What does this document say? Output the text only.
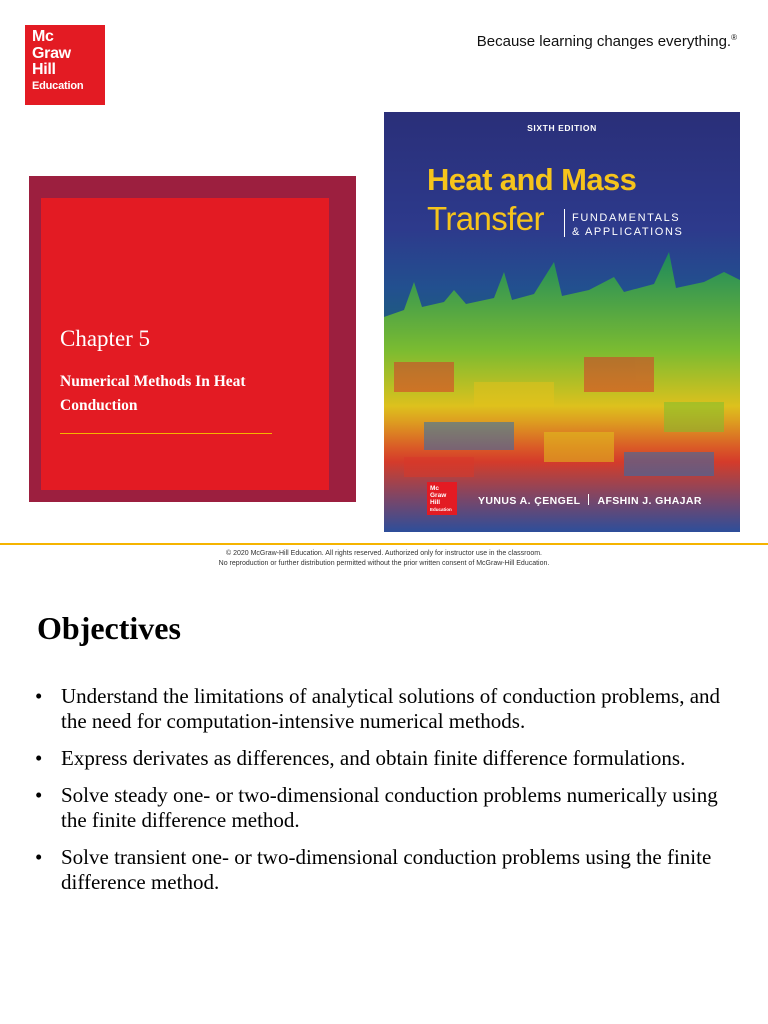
Mc
Graw
Hill
Education
Because learning changes everything.®
Chapter 5
Numerical Methods In Heat Conduction
SIXTH EDITION
Heat and Mass
Transfer	FUNDAMENTALS
& APPLICATIONS
Mc
Graw
Hill
Education
YUNUS A. ÇENGEL AFSHIN J. GHAJAR
© 2020 McGraw-Hill Education. All rights reserved. Authorized only for instructor use in the classroom.
No reproduction or further distribution permitted without the prior written consent of McGraw-Hill Education.
Objectives
• Understand the limitations of analytical solutions of conduction problems, and the need for computation-intensive numerical methods.
• Express derivates as differences, and obtain finite difference formulations.
• Solve steady one- or two-dimensional conduction problems numerically using the finite difference method.
• Solve transient one- or two-dimensional conduction problems using the finite difference method.
